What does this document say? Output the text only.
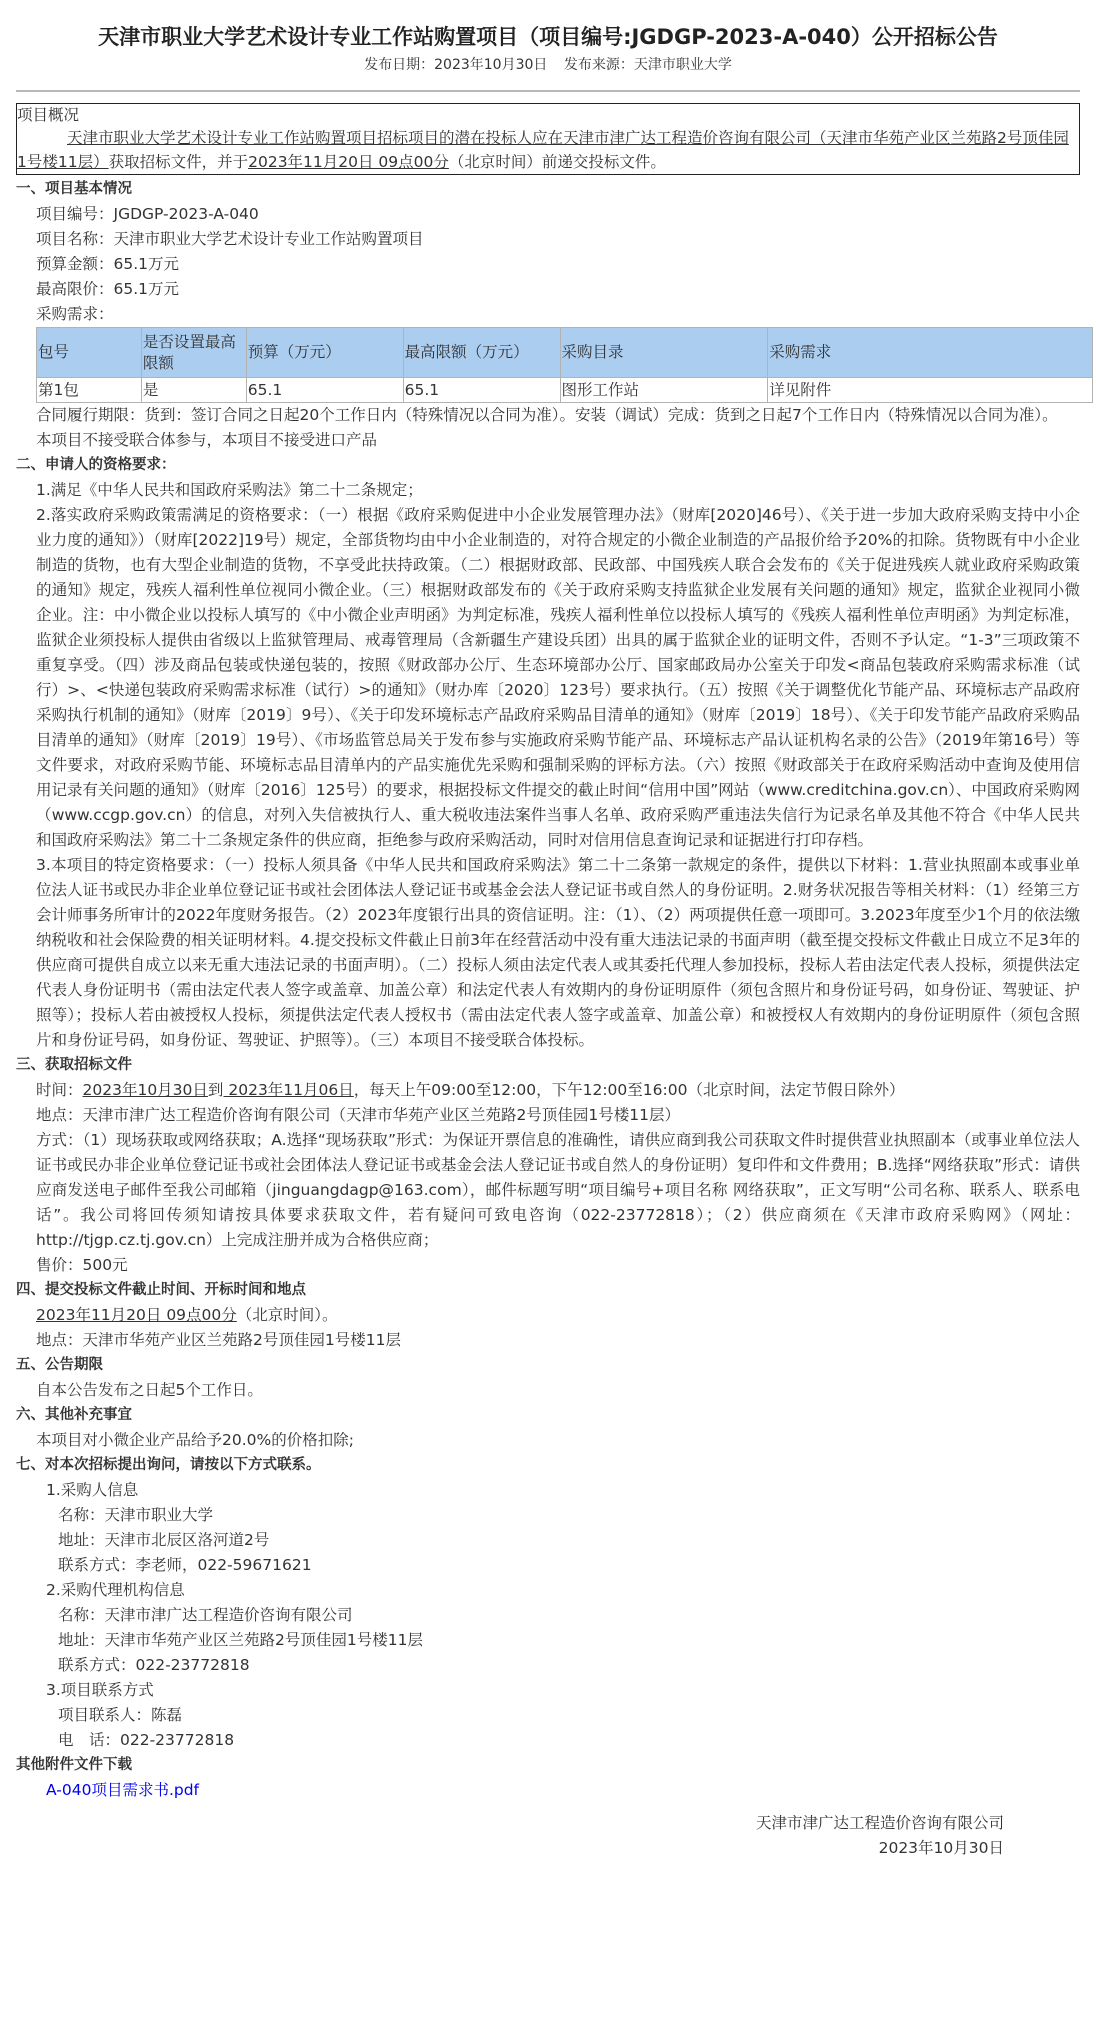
天津市职业大学艺术设计专业工作站购置项目（项目编号:JGDGP-2023-A-040）公开招标公告
发布日期：2023年10月30日 发布来源：天津市职业大学
项目概况
天津市职业大学艺术设计专业工作站购置项目招标项目的潜在投标人应在天津市津广达工程造价咨询有限公司（天津市华苑产业区兰苑路2号顶佳园1号楼11层）获取招标文件，并于2023年11月20日 09点00分（北京时间）前递交投标文件。
一、项目基本情况
项目编号：JGDGP-2023-A-040
项目名称：天津市职业大学艺术设计专业工作站购置项目
预算金额：65.1万元
最高限价：65.1万元
采购需求：
包号	是否设置最高限额	预算（万元）	最高限额（万元）	采购目录	采购需求
第1包	是	65.1	65.1	图形工作站	详见附件
合同履行期限：货到：签订合同之日起20个工作日内（特殊情况以合同为准）。安装（调试）完成：货到之日起7个工作日内（特殊情况以合同为准）。
本项目不接受联合体参与，本项目不接受进口产品
二、申请人的资格要求：
1.满足《中华人民共和国政府采购法》第二十二条规定；
2.落实政府采购政策需满足的资格要求：（一）根据《政府采购促进中小企业发展管理办法》（财库[2020]46号）、《关于进一步加大政府采购支持中小企业力度的通知》）（财库[2022]19号）规定，全部货物均由中小企业制造的，对符合规定的小微企业制造的产品报价给予20%的扣除。货物既有中小企业制造的货物，也有大型企业制造的货物，不享受此扶持政策。（二）根据财政部、民政部、中国残疾人联合会发布的《关于促进残疾人就业政府采购政策的通知》规定，残疾人福利性单位视同小微企业。（三）根据财政部发布的《关于政府采购支持监狱企业发展有关问题的通知》规定，监狱企业视同小微企业。注：中小微企业以投标人填写的《中小微企业声明函》为判定标准，残疾人福利性单位以投标人填写的《残疾人福利性单位声明函》为判定标准，监狱企业须投标人提供由省级以上监狱管理局、戒毒管理局（含新疆生产建设兵团）出具的属于监狱企业的证明文件，否则不予认定。“1-3”三项政策不重复享受。（四）涉及商品包装或快递包装的，按照《财政部办公厅、生态环境部办公厅、国家邮政局办公室关于印发<商品包装政府采购需求标准（试行）>、<快递包装政府采购需求标准（试行）>的通知》（财办库〔2020〕123号）要求执行。（五）按照《关于调整优化节能产品、环境标志产品政府采购执行机制的通知》（财库〔2019〕9号）、《关于印发环境标志产品政府采购品目清单的通知》（财库〔2019〕18号）、《关于印发节能产品政府采购品目清单的通知》（财库〔2019〕19号）、《市场监管总局关于发布参与实施政府采购节能产品、环境标志产品认证机构名录的公告》（2019年第16号）等文件要求，对政府采购节能、环境标志品目清单内的产品实施优先采购和强制采购的评标方法。（六）按照《财政部关于在政府采购活动中查询及使用信用记录有关问题的通知》（财库〔2016〕125号）的要求，根据投标文件提交的截止时间“信用中国”网站（www.creditchina.gov.cn）、中国政府采购网（www.ccgp.gov.cn）的信息，对列入失信被执行人、重大税收违法案件当事人名单、政府采购严重违法失信行为记录名单及其他不符合《中华人民共和国政府采购法》第二十二条规定条件的供应商，拒绝参与政府采购活动，同时对信用信息查询记录和证据进行打印存档。
3.本项目的特定资格要求：（一）投标人须具备《中华人民共和国政府采购法》第二十二条第一款规定的条件，提供以下材料：1.营业执照副本或事业单位法人证书或民办非企业单位登记证书或社会团体法人登记证书或基金会法人登记证书或自然人的身份证明。2.财务状况报告等相关材料：（1）经第三方会计师事务所审计的2022年度财务报告。（2）2023年度银行出具的资信证明。注：（1）、（2）两项提供任意一项即可。3.2023年度至少1个月的依法缴纳税收和社会保险费的相关证明材料。4.提交投标文件截止日前3年在经营活动中没有重大违法记录的书面声明（截至提交投标文件截止日成立不足3年的供应商可提供自成立以来无重大违法记录的书面声明）。（二）投标人须由法定代表人或其委托代理人参加投标，投标人若由法定代表人投标，须提供法定代表人身份证明书（需由法定代表人签字或盖章、加盖公章）和法定代表人有效期内的身份证明原件（须包含照片和身份证号码，如身份证、驾驶证、护照等）；投标人若由被授权人投标，须提供法定代表人授权书（需由法定代表人签字或盖章、加盖公章）和被授权人有效期内的身份证明原件（须包含照片和身份证号码，如身份证、驾驶证、护照等）。（三）本项目不接受联合体投标。
三、获取招标文件
时间：2023年10月30日到 2023年11月06日，每天上午09:00至12:00，下午12:00至16:00（北京时间，法定节假日除外）
地点：天津市津广达工程造价咨询有限公司（天津市华苑产业区兰苑路2号顶佳园1号楼11层）
方式：（1）现场获取或网络获取；A.选择“现场获取”形式：为保证开票信息的准确性，请供应商到我公司获取文件时提供营业执照副本（或事业单位法人证书或民办非企业单位登记证书或社会团体法人登记证书或基金会法人登记证书或自然人的身份证明）复印件和文件费用；B.选择“网络获取”形式：请供应商发送电子邮件至我公司邮箱（jinguangdagp@163.com），邮件标题写明“项目编号+项目名称 网络获取”，正文写明“公司名称、联系人、联系电话”。我公司将回传须知请按具体要求获取文件，若有疑问可致电咨询（022-23772818）；（2）供应商须在《天津市政府采购网》（网址：http://tjgp.cz.tj.gov.cn）上完成注册并成为合格供应商；
售价：500元
四、提交投标文件截止时间、开标时间和地点
2023年11月20日 09点00分（北京时间）。
地点：天津市华苑产业区兰苑路2号顶佳园1号楼11层
五、公告期限
自本公告发布之日起5个工作日。
六、其他补充事宜
本项目对小微企业产品给予20.0%的价格扣除;
七、对本次招标提出询问，请按以下方式联系。
1.采购人信息
名称：天津市职业大学
地址：天津市北辰区洛河道2号
联系方式：李老师，022-59671621
2.采购代理机构信息
名称：天津市津广达工程造价咨询有限公司
地址：天津市华苑产业区兰苑路2号顶佳园1号楼11层
联系方式：022-23772818
3.项目联系方式
项目联系人：陈磊
电　话：022-23772818
其他附件文件下载
A-040项目需求书.pdf
天津市津广达工程造价咨询有限公司
2023年10月30日
